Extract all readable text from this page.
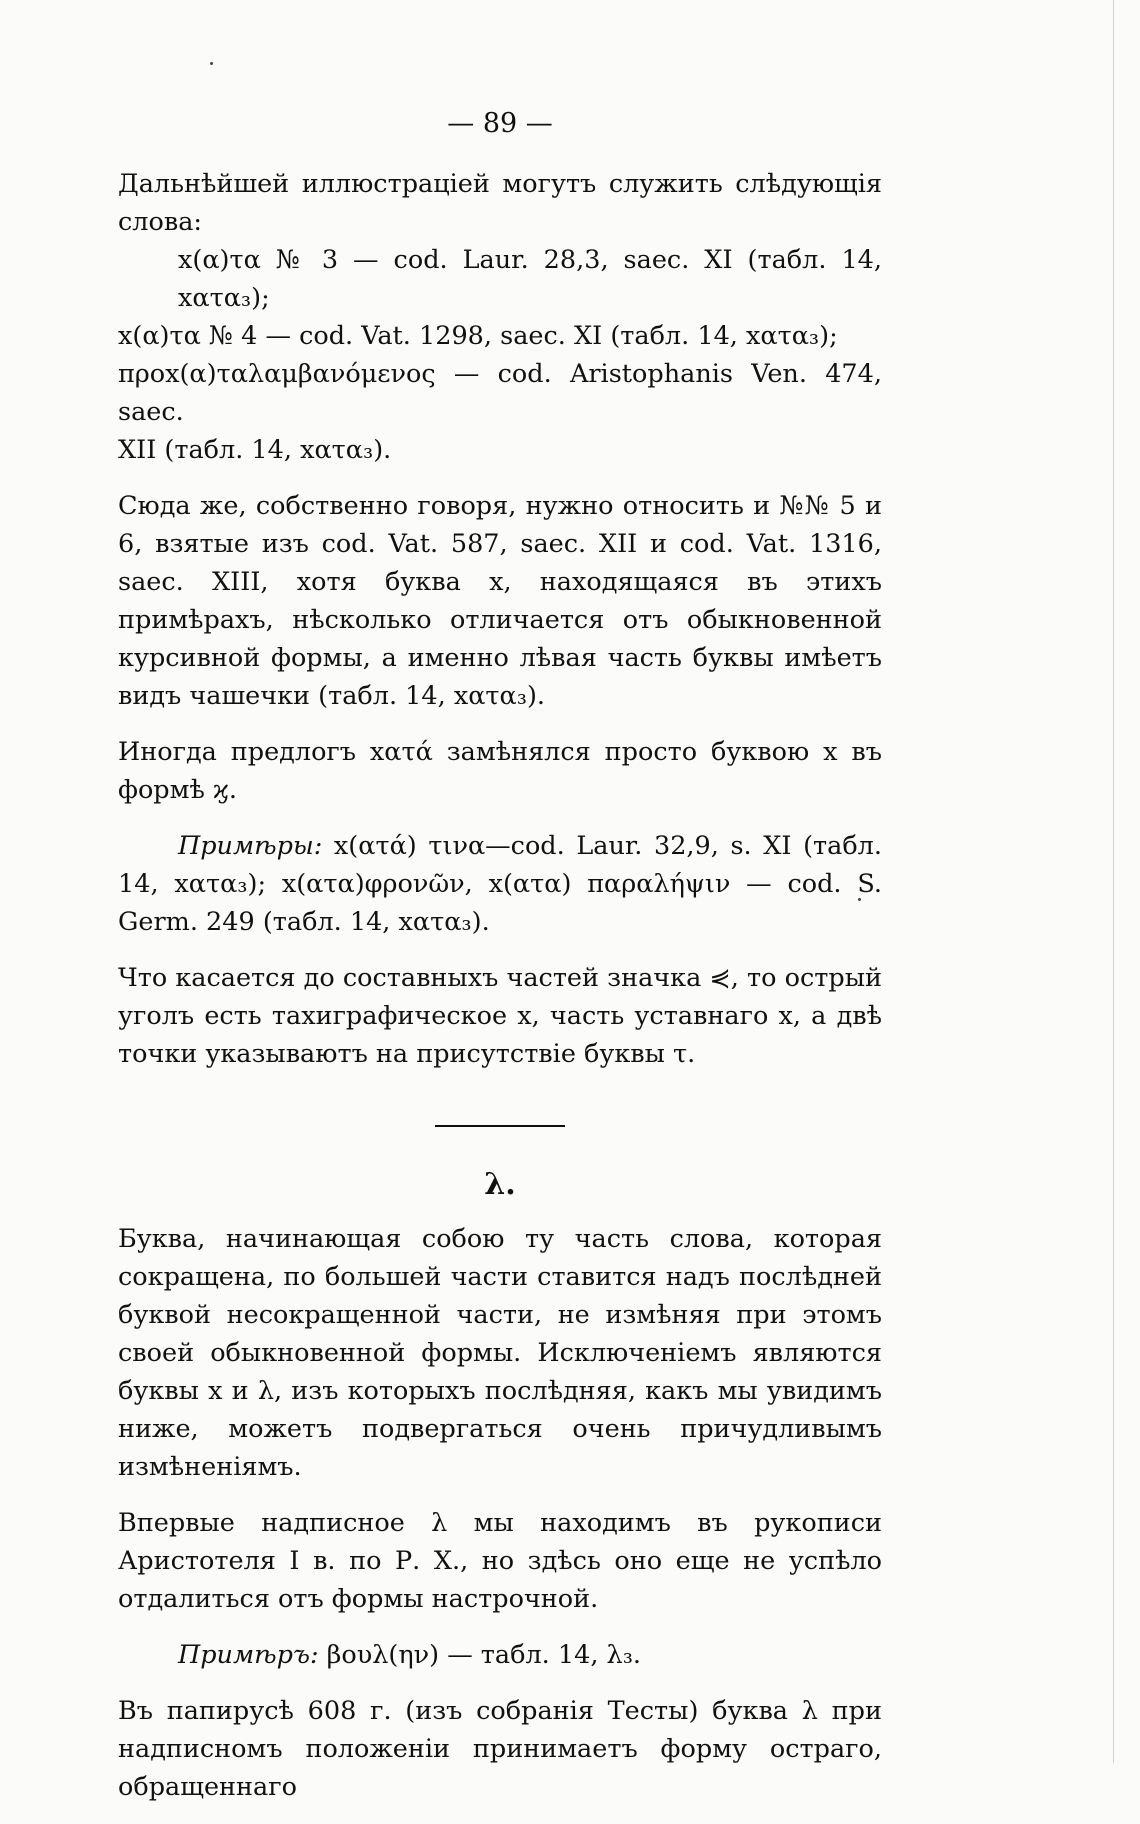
— 89 —

Дальнѣйшей иллюстраціей могутъ служить слѣдующія слова:

x(α)τα № 3 — cod. Laur. 28,3, saec. XI (табл. 14, xατα₃);

x(α)τα № 4 — cod. Vat. 1298, saec. XI (табл. 14, xατα₃);

προx(α)ταλαμβανόμενος — cod. Aristophanis Ven. 474, saec.

XII (табл. 14, xατα₃).

Сюда же, собственно говоря, нужно относить и №№ 5 и 6, взятые изъ cod. Vat. 587, saec. XII и cod. Vat. 1316, saec. XIII, хотя буква x, находящаяся въ этихъ примѣрахъ, нѣсколько отличается отъ обыкновенной курсивной формы, а именно лѣвая часть буквы имѣетъ видъ чашечки (табл. 14, xατα₃).

Иногда предлогъ xατά замѣнялся просто буквою x въ формѣ ϗ.

Примѣры: x(ατά) τινα—cod. Laur. 32,9, s. XI (табл. 14, xατα₃); x(ατα)φρονῶν, x(ατα) παραλήψιν — cod. S. Germ. 249 (табл. 14, xατα₃).

Что касается до составныхъ частей значка ⋞, то острый уголъ есть тахиграфическое x, часть уставнаго x, а двѣ точки указываютъ на присутствіе буквы τ.

λ.

Буква, начинающая собою ту часть слова, которая сокращена, по большей части ставится надъ послѣдней буквой несокращенной части, не измѣняя при этомъ своей обыкновенной формы. Исключеніемъ являются буквы x и λ, изъ которыхъ послѣдняя, какъ мы увидимъ ниже, можетъ подвергаться очень причудливымъ измѣненіямъ.

Впервые надписное λ мы находимъ въ рукописи Аристотеля I в. по Р. Х., но здѣсь оно еще не успѣло отдалиться отъ формы настрочной.

Примѣръ: βουλ(ην) — табл. 14, λ₃.

Въ папирусѣ 608 г. (изъ собранія Тесты) буква λ при надписномъ положеніи принимаетъ форму остраго, обращеннаго
